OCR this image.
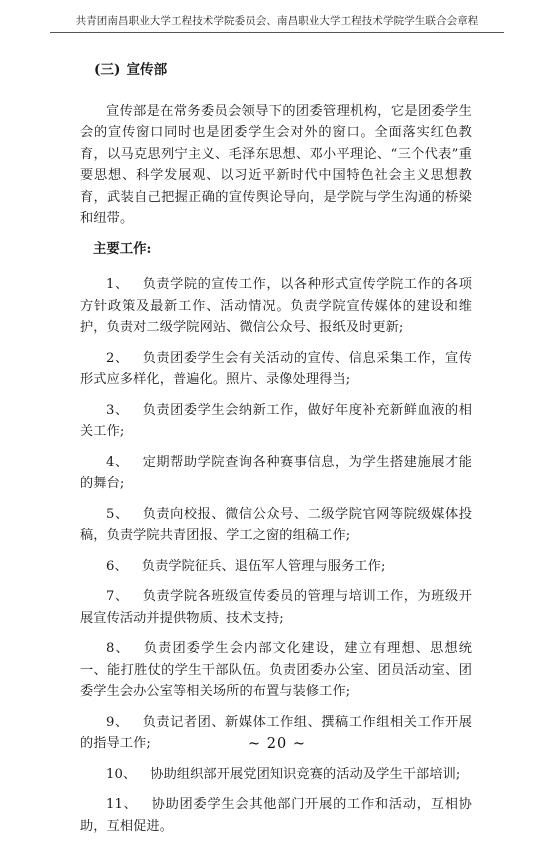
共青团南昌职业大学工程技术学院委员会、南昌职业大学工程技术学院学生联合会章程
(三) 宣传部

宣传部是在常务委员会领导下的团委管理机构，它是团委学生会的宣传窗口同时也是团委学生会对外的窗口。全面落实红色教育，以马克思列宁主义、毛泽东思想、邓小平理论、“三个代表”重要思想、科学发展观、以习近平新时代中国特色社会主义思想教育，武装自己把握正确的宣传舆论导向，是学院与学生沟通的桥梁和纽带。

主要工作:

1、 负责学院的宣传工作，以各种形式宣传学院工作的各项方针政策及最新工作、活动情况。负责学院宣传媒体的建设和维护，负责对二级学院网站、微信公众号、报纸及时更新;

2、 负责团委学生会有关活动的宣传、信息采集工作，宣传形式应多样化，普遍化。照片、录像处理得当;

3、 负责团委学生会纳新工作，做好年度补充新鲜血液的相关工作;

4、 定期帮助学院查询各种赛事信息，为学生搭建施展才能的舞台;

5、 负责向校报、微信公众号、二级学院官网等院级媒体投稿，负责学院共青团报、学工之窗的组稿工作;

6、 负责学院征兵、退伍军人管理与服务工作;

7、 负责学院各班级宣传委员的管理与培训工作，为班级开展宣传活动并提供物质、技术支持;

8、 负责团委学生会内部文化建设，建立有理想、思想统一、能打胜仗的学生干部队伍。负责团委办公室、团员活动室、团委学生会办公室等相关场所的布置与装修工作;

9、 负责记者团、新媒体工作组、撰稿工作组相关工作开展的指导工作;

10、 协助组织部开展党团知识竞赛的活动及学生干部培训;

11、 协助团委学生会其他部门开展的工作和活动，互相协助，互相促进。

~ 20 ~
